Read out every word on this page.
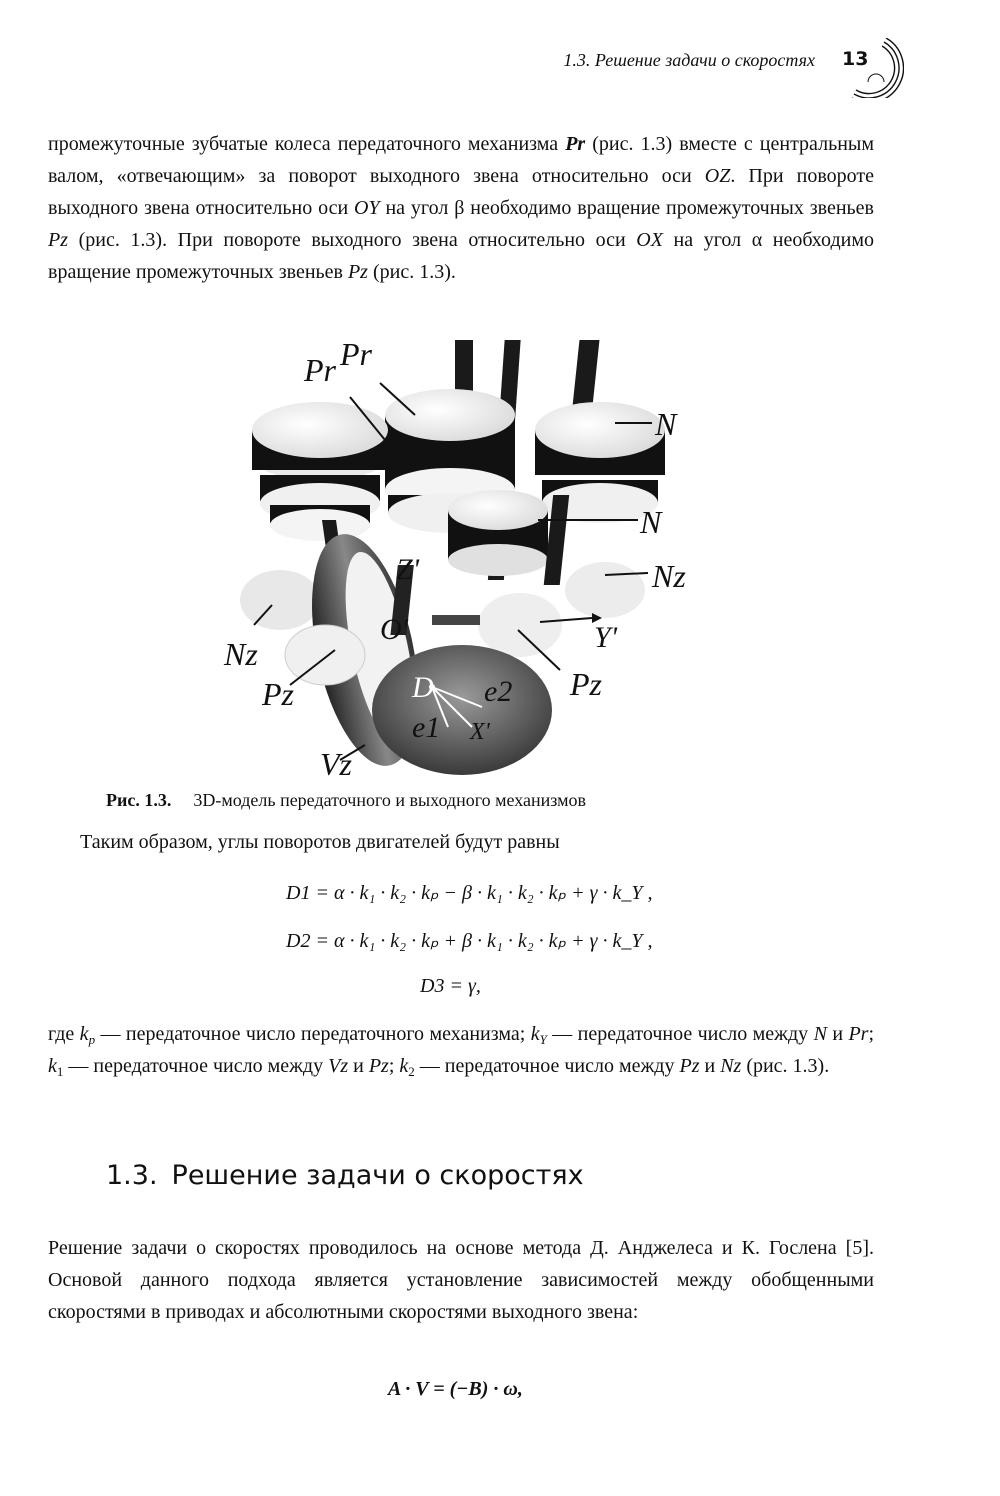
1.3. Решение задачи о скоростях 13

промежуточные зубчатые колеса передаточного механизма Pr (рис. 1.3) вместе с центральным валом, «отвечающим» за поворот выходного звена относительно оси OZ. При повороте выходного звена относительно оси OY на угол β необходимо вращение промежуточных звеньев Pz (рис. 1.3). При повороте выходного звена относительно оси OX на угол α необходимо вращение промежуточных звеньев Pz (рис. 1.3).

Pr Pr
N
N
Nz
Nz
Z'
O'	Y'
Pz	Pz
D e2
e1 X'
Vz
Рис. 1.3. 3D-модель передаточного и выходного механизмов

Таким образом, углы поворотов двигателей будут равны

D1 = α · k₁ · k₂ · kₚ − β · k₁ · k₂ · kₚ + γ · k_Y ,
D2 = α · k₁ · k₂ · kₚ + β · k₁ · k₂ · kₚ + γ · k_Y ,
D3 = γ,

где $k_p$ — передаточное число передаточного механизма; $k_Y$ — передаточное число между N и Pr; $k_1$ — передаточное число между Vz и Pz; $k_2$ — передаточное число между Pz и Nz (рис. 1.3).

1.3. Решение задачи о скоростях

Решение задачи о скоростях проводилось на основе метода Д. Анджелеса и К. Гослена [5]. Основой данного подхода является установление зависимостей между обобщенными скоростями в приводах и абсолютными скоростями выходного звена:

A · V = (−B) · ω,
